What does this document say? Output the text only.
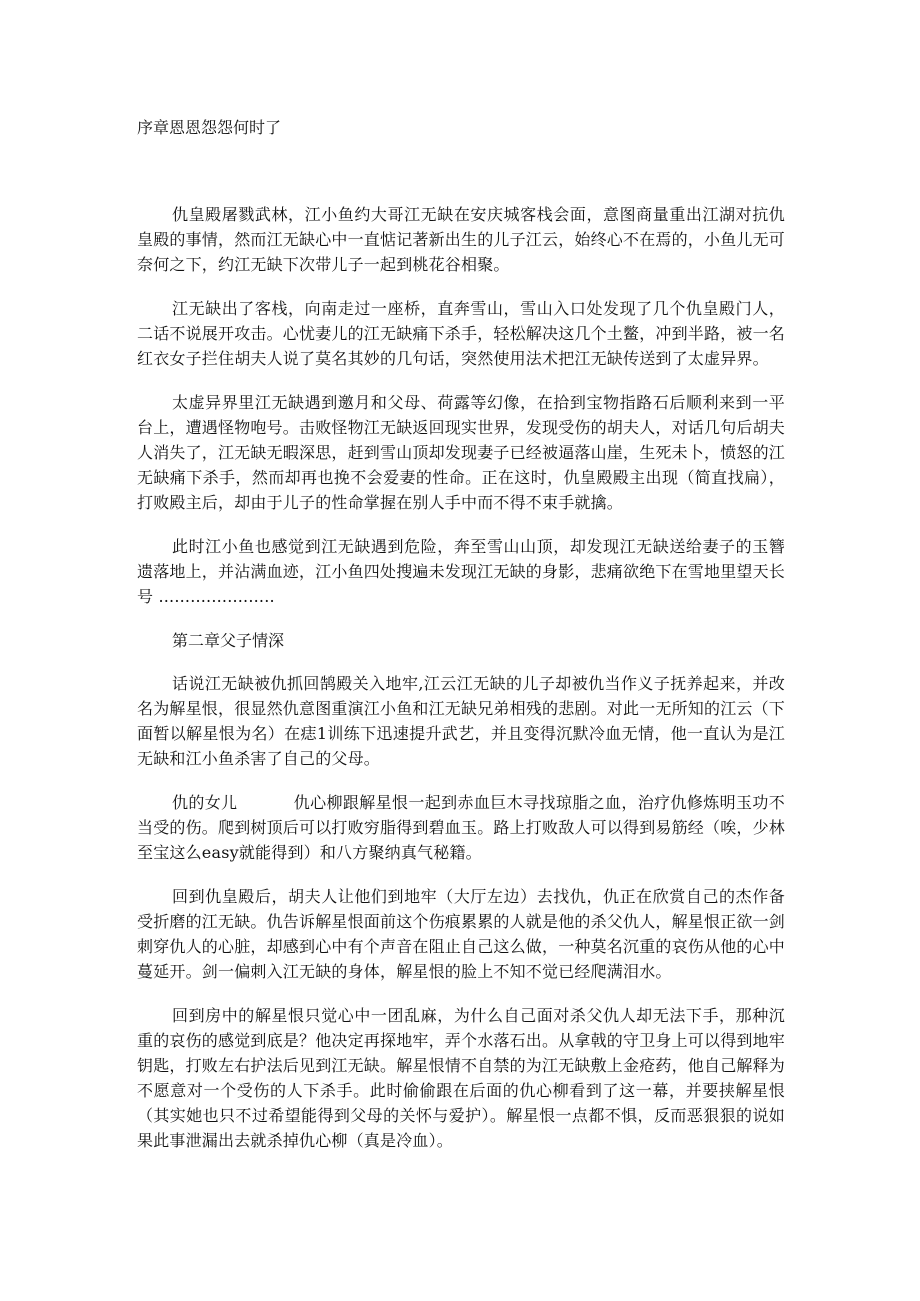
序章恩恩怨怨何时了

仇皇殿屠戮武林，江小鱼约大哥江无缺在安庆城客栈会面，意图商量重出江湖对抗仇皇殿的事情，然而江无缺心中一直惦记著新出生的儿子江云，始终心不在焉的，小鱼儿无可奈何之下，约江无缺下次带儿子一起到桃花谷相聚。

江无缺出了客栈，向南走过一座桥，直奔雪山，雪山入口处发现了几个仇皇殿门人，二话不说展开攻击。心忧妻儿的江无缺痛下杀手，轻松解决这几个土鳖，冲到半路，被一名红衣女子拦住胡夫人说了莫名其妙的几句话，突然使用法术把江无缺传送到了太虚异界。

太虚异界里江无缺遇到邀月和父母、荷露等幻像，在拾到宝物指路石后顺利来到一平台上，遭遇怪物咆号。击败怪物江无缺返回现实世界，发现受伤的胡夫人，对话几句后胡夫人消失了，江无缺无暇深思，赶到雪山顶却发现妻子已经被逼落山崖，生死未卜，愤怒的江无缺痛下杀手，然而却再也挽不会爱妻的性命。正在这时，仇皇殿殿主出现（简直找扁），打败殿主后，却由于儿子的性命掌握在别人手中而不得不束手就擒。

此时江小鱼也感觉到江无缺遇到危险，奔至雪山山顶，却发现江无缺送给妻子的玉簪遗落地上，并沾满血迹，江小鱼四处搜遍未发现江无缺的身影，悲痛欲绝下在雪地里望天长号 ......................

第二章父子情深

话说江无缺被仇抓回鹄殿关入地牢,江云江无缺的儿子却被仇当作义子抚养起来，并改名为解星恨，很显然仇意图重演江小鱼和江无缺兄弟相残的悲剧。对此一无所知的江云（下面暂以解星恨为名）在痣1训练下迅速提升武艺，并且变得沉默冷血无情，他一直认为是江无缺和江小鱼杀害了自己的父母。

仇的女儿	仇心柳跟解星恨一起到赤血巨木寻找琼脂之血，治疗仇修炼明玉功不当受的伤。爬到树顶后可以打败穷脂得到碧血玉。路上打败敌人可以得到易筋经（唉，少林至宝这么easy就能得到）和八方聚纳真气秘籍。

回到仇皇殿后，胡夫人让他们到地牢（大厅左边）去找仇，仇正在欣赏自己的杰作备受折磨的江无缺。仇告诉解星恨面前这个伤痕累累的人就是他的杀父仇人，解星恨正欲一剑刺穿仇人的心脏，却感到心中有个声音在阻止自己这么做，一种莫名沉重的哀伤从他的心中蔓延开。剑一偏刺入江无缺的身体，解星恨的脸上不知不觉已经爬满泪水。

回到房中的解星恨只觉心中一团乱麻，为什么自己面对杀父仇人却无法下手，那种沉重的哀伤的感觉到底是？他决定再探地牢，弄个水落石出。从拿戟的守卫身上可以得到地牢钥匙，打败左右护法后见到江无缺。解星恨情不自禁的为江无缺敷上金疮药，他自己解释为不愿意对一个受伤的人下杀手。此时偷偷跟在后面的仇心柳看到了这一幕，并要挟解星恨（其实她也只不过希望能得到父母的关怀与爱护）。解星恨一点都不惧，反而恶狠狠的说如果此事泄漏出去就杀掉仇心柳（真是冷血）。
